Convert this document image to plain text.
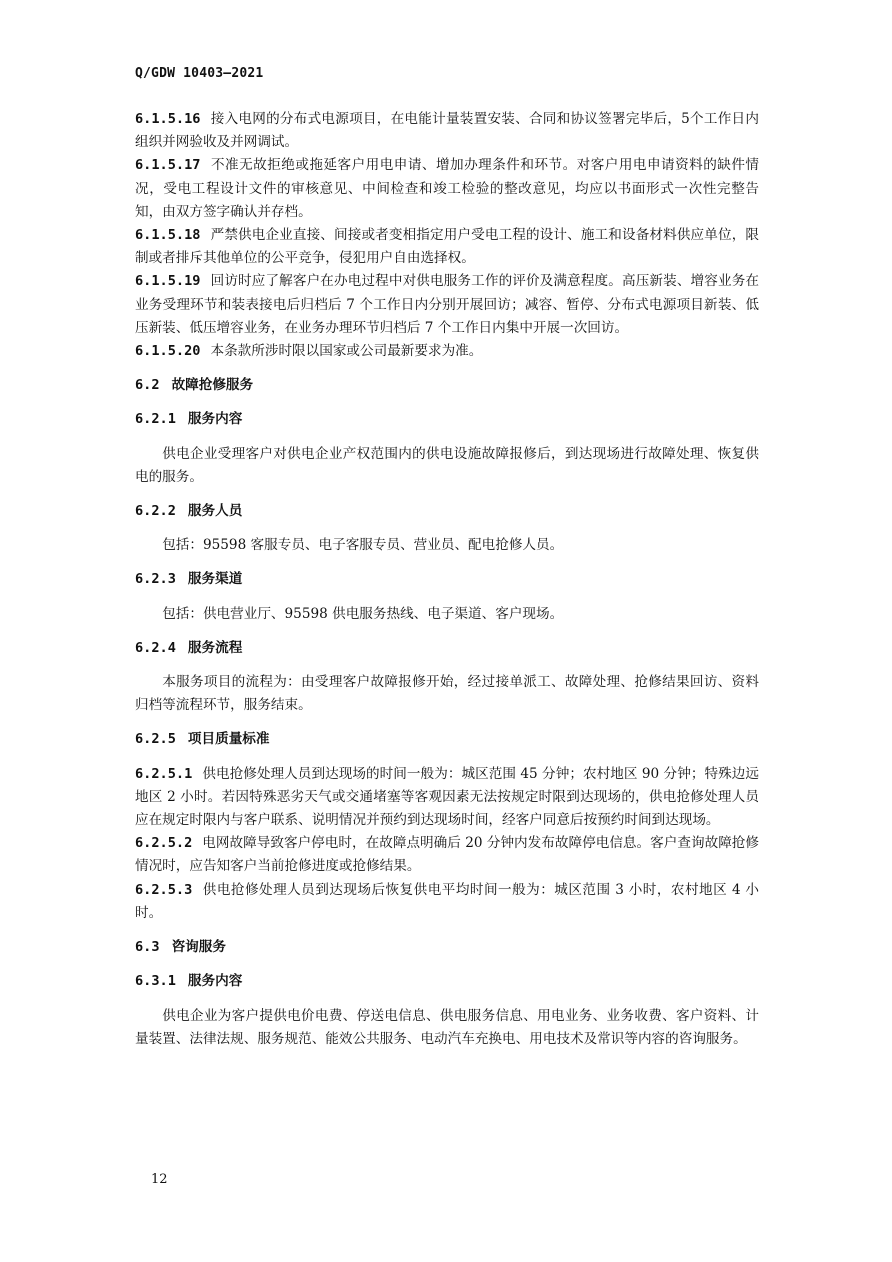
Q/GDW 10403—2021

6.1.5.16 接入电网的分布式电源项目，在电能计量装置安装、合同和协议签署完毕后，5个工作日内组织并网验收及并网调试。

6.1.5.17 不准无故拒绝或拖延客户用电申请、增加办理条件和环节。对客户用电申请资料的缺件情况，受电工程设计文件的审核意见、中间检查和竣工检验的整改意见，均应以书面形式一次性完整告知，由双方签字确认并存档。

6.1.5.18 严禁供电企业直接、间接或者变相指定用户受电工程的设计、施工和设备材料供应单位，限制或者排斥其他单位的公平竞争，侵犯用户自由选择权。

6.1.5.19 回访时应了解客户在办电过程中对供电服务工作的评价及满意程度。高压新装、增容业务在业务受理环节和装表接电后归档后 7 个工作日内分别开展回访；减容、暂停、分布式电源项目新装、低压新装、低压增容业务，在业务办理环节归档后 7 个工作日内集中开展一次回访。

6.1.5.20 本条款所涉时限以国家或公司最新要求为准。

6.2 故障抢修服务

6.2.1 服务内容

供电企业受理客户对供电企业产权范围内的供电设施故障报修后，到达现场进行故障处理、恢复供电的服务。

6.2.2 服务人员

包括：95598 客服专员、电子客服专员、营业员、配电抢修人员。

6.2.3 服务渠道

包括：供电营业厅、95598 供电服务热线、电子渠道、客户现场。

6.2.4 服务流程

本服务项目的流程为：由受理客户故障报修开始，经过接单派工、故障处理、抢修结果回访、资料归档等流程环节，服务结束。

6.2.5 项目质量标准

6.2.5.1 供电抢修处理人员到达现场的时间一般为：城区范围 45 分钟；农村地区 90 分钟；特殊边远地区 2 小时。若因特殊恶劣天气或交通堵塞等客观因素无法按规定时限到达现场的，供电抢修处理人员应在规定时限内与客户联系、说明情况并预约到达现场时间，经客户同意后按预约时间到达现场。

6.2.5.2 电网故障导致客户停电时，在故障点明确后 20 分钟内发布故障停电信息。客户查询故障抢修情况时，应告知客户当前抢修进度或抢修结果。

6.2.5.3 供电抢修处理人员到达现场后恢复供电平均时间一般为：城区范围 3 小时，农村地区 4 小时。

6.3 咨询服务

6.3.1 服务内容

供电企业为客户提供电价电费、停送电信息、供电服务信息、用电业务、业务收费、客户资料、计量装置、法律法规、服务规范、能效公共服务、电动汽车充换电、用电技术及常识等内容的咨询服务。

12
